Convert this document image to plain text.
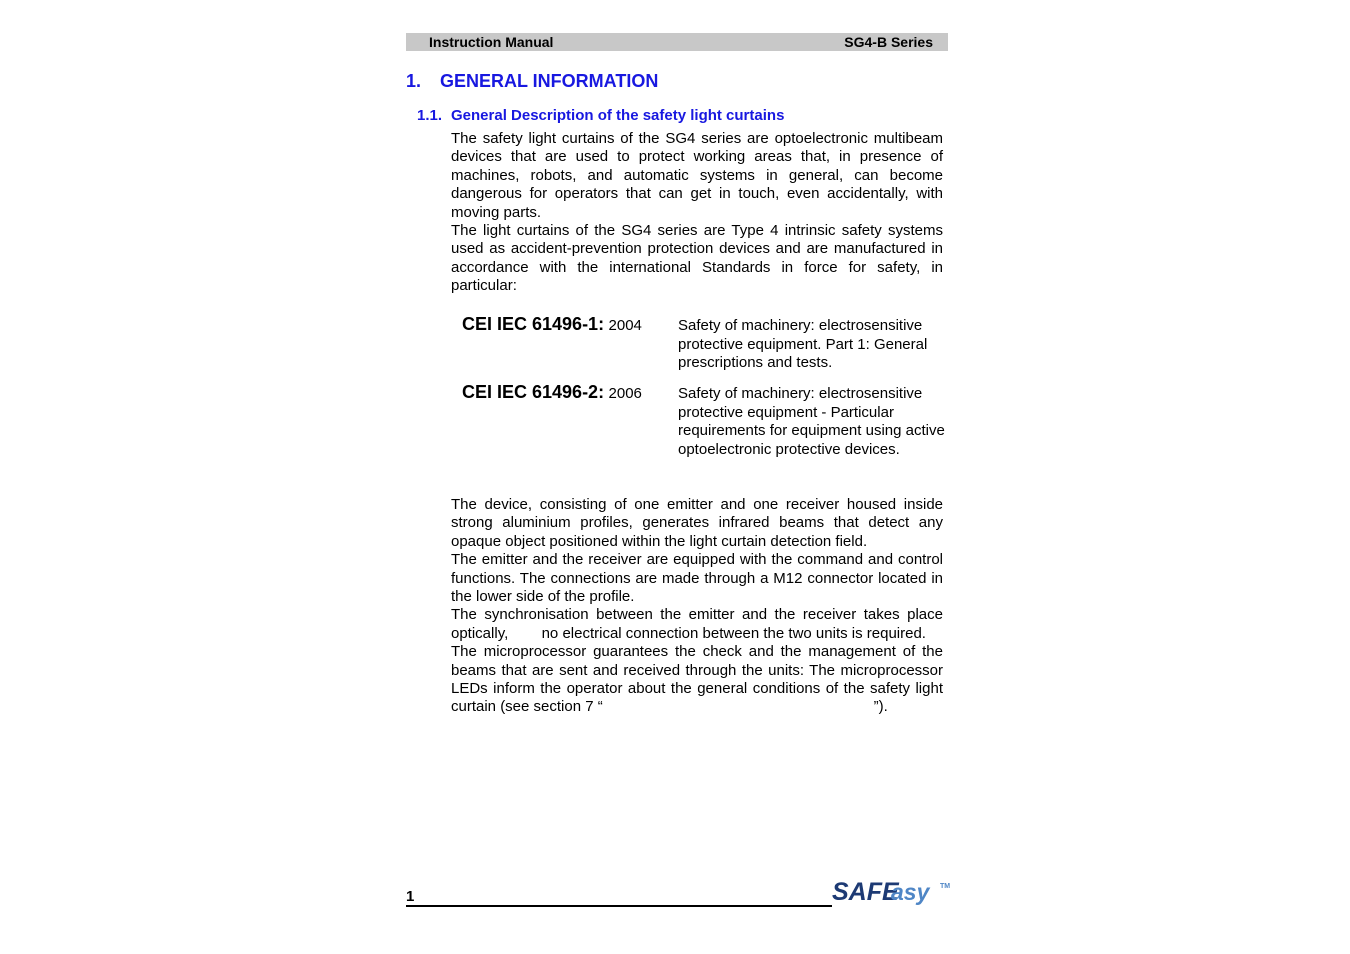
Instruction Manual	SG4-B Series
1. GENERAL INFORMATION
1.1. General Description of the safety light curtains

The safety light curtains of the SG4 series are optoelectronic multibeam devices that are used to protect working areas that, in presence of machines, robots, and automatic systems in general, can become dangerous for operators that can get in touch, even accidentally, with moving parts.

The light curtains of the SG4 series are Type 4 intrinsic safety systems used as accident-prevention protection devices and are manufactured in accordance with the international Standards in force for safety, in particular:

CEI IEC 61496-1: 2004 Safety of machinery: electrosensitive protective equipment. Part 1: General prescriptions and tests.
CEI IEC 61496-2: 2006 Safety of machinery: electrosensitive protective equipment - Particular requirements for equipment using active optoelectronic protective devices.

The device, consisting of one emitter and one receiver housed inside strong aluminium profiles, generates infrared beams that detect any opaque object positioned within the light curtain detection field.

The emitter and the receiver are equipped with the command and control functions. The connections are made through a M12 connector located in the lower side of the profile.

The synchronisation between the emitter and the receiver takes place optically,        no electrical connection between the two units is required.

The microprocessor guarantees the check and the management of the beams that are sent and received through the units: The microprocessor LEDs inform the operator about the general conditions of the safety light curtain (see section 7 “                                                                 ”).

1	SAFE
asy TM
